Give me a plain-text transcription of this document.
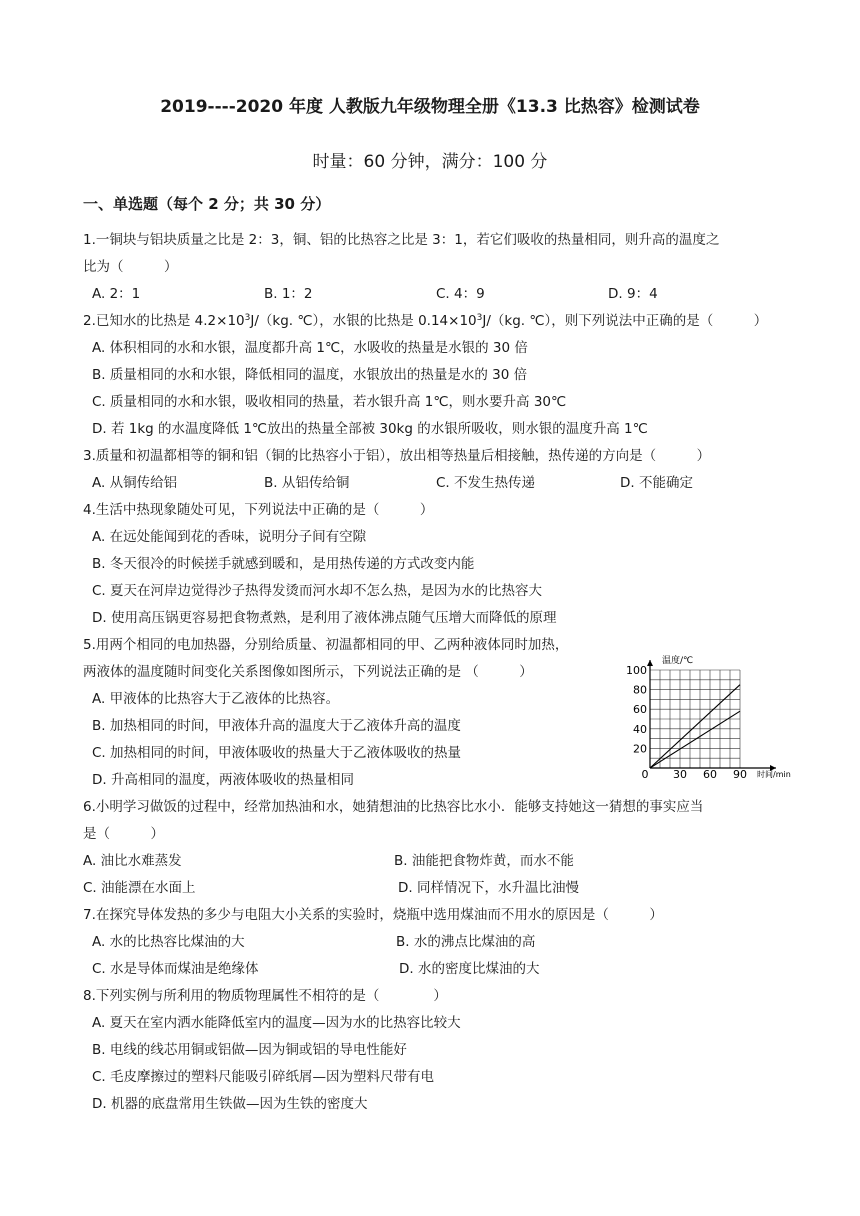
2019----2020 年度 人教版九年级物理全册《13.3 比热容》检测试卷
时量：60 分钟，满分：100 分
一、单选题（每个 2 分；共 30 分）
1.一铜块与铝块质量之比是 2：3，铜、铝的比热容之比是 3：1，若它们吸收的热量相同，则升高的温度之
比为（　　　）
A. 2：1	B. 1：2	C. 4：9	D. 9：4
2.已知水的比热是 $4.2\times 10^3J/(kg$. ℃），水银的比热是 $0.14\times 10^3J/(kg$. ℃），则下列说法中正确的是（　　　）
A. 体积相同的水和水银，温度都升高 1℃，水吸收的热量是水银的 30 倍
B. 质量相同的水和水银，降低相同的温度，水银放出的热量是水的 30 倍
C. 质量相同的水和水银，吸收相同的热量，若水银升高 1℃，则水要升高 30℃
D. 若 1kg 的水温度降低 1℃放出的热量全部被 30kg 的水银所吸收，则水银的温度升高 1℃
3.质量和初温都相等的铜和铝（铜的比热容小于铝），放出相等热量后相接触，热传递的方向是（　　　）
A. 从铜传给铝	B. 从铝传给铜	C. 不发生热传递	D. 不能确定
4.生活中热现象随处可见，下列说法中正确的是（　　　）
A. 在远处能闻到花的香味，说明分子间有空隙
B. 冬天很冷的时候搓手就感到暖和，是用热传递的方式改变内能
C. 夏天在河岸边觉得沙子热得发烫而河水却不怎么热，是因为水的比热容大
D. 使用高压锅更容易把食物煮熟，是利用了液体沸点随气压增大而降低的原理
5.用两个相同的电加热器，分别给质量、初温都相同的甲、乙两种液体同时加热，
两液体的温度随时间变化关系图像如图所示，下列说法正确的是 （　　　）
A. 甲液体的比热容大于乙液体的比热容。
B. 加热相同的时间，甲液体升高的温度大于乙液体升高的温度
C. 加热相同的时间，甲液体吸收的热量大于乙液体吸收的热量
D. 升高相同的温度，两液体吸收的热量相同	0 30 60 90
20
40
60
80
100
温度/℃
时间/min
6.小明学习做饭的过程中，经常加热油和水，她猜想油的比热容比水小．能够支持她这一猜想的事实应当
是（　　　）
A. 油比水难蒸发	B. 油能把食物炸黄，而水不能
C. 油能漂在水面上	D. 同样情况下，水升温比油慢
7.在探究导体发热的多少与电阻大小关系的实验时，烧瓶中选用煤油而不用水的原因是（　　　）
A. 水的比热容比煤油的大	B. 水的沸点比煤油的高
C. 水是导体而煤油是绝缘体	D. 水的密度比煤油的大
8.下列实例与所利用的物质物理属性不相符的是（　　　　）
A. 夏天在室内洒水能降低室内的温度—因为水的比热容比较大
B. 电线的线芯用铜或铝做—因为铜或铝的导电性能好
C. 毛皮摩擦过的塑料尺能吸引碎纸屑—因为塑料尺带有电
D. 机器的底盘常用生铁做—因为生铁的密度大
